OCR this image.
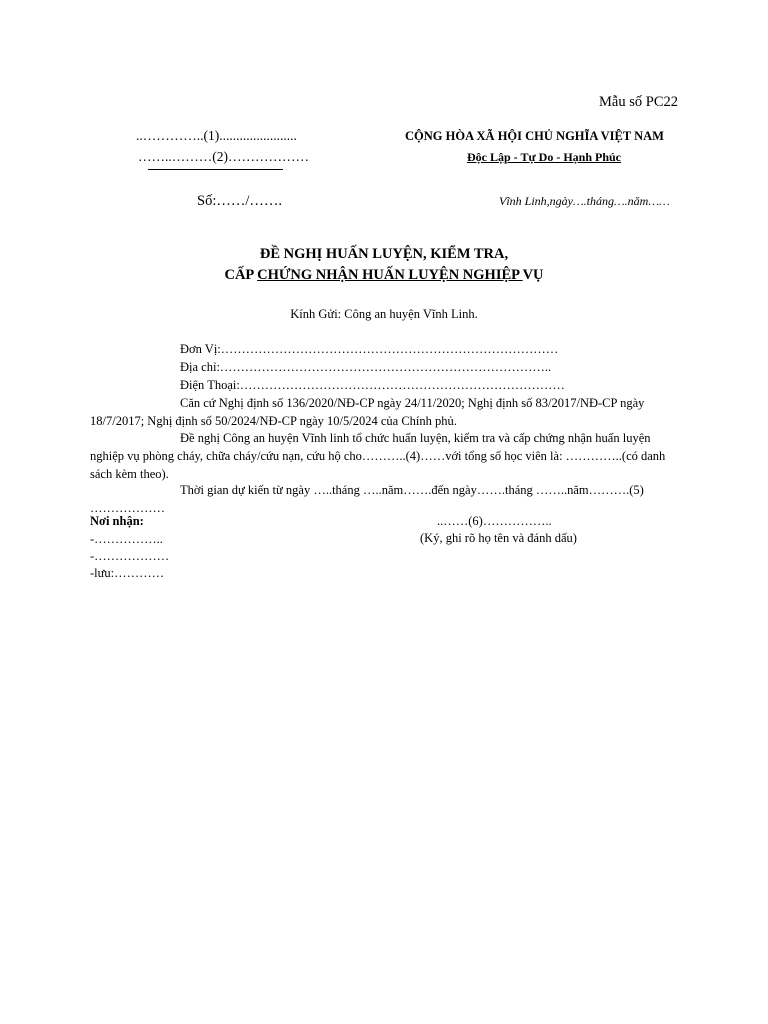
Mẫu số PC22
..…………..(1).......................
……..………(2)………………
CỘNG HÒA XÃ HỘI CHỦ NGHĨA VIỆT NAM
Độc Lập - Tự Do - Hạnh Phúc
Số:……/…….	Vĩnh Linh,ngày….tháng….năm……
ĐỀ NGHỊ HUẤN LUYỆN, KIỂM TRA,
CẤP CHỨNG NHẬN HUẤN LUYỆN NGHIỆP VỤ
Kính Gửi: Công an huyện Vĩnh Linh.
Đơn Vị:………………………………………………………………………
Địa chỉ:……………………………………………………………………..
Điện Thoại:……………………………………………………………………
Căn cứ Nghị định số 136/2020/NĐ-CP ngày 24/11/2020; Nghị định số 83/2017/NĐ-CP ngày 18/7/2017; Nghị định số 50/2024/NĐ-CP ngày 10/5/2024 của Chính phủ.
Đề nghị Công an huyện Vĩnh linh tổ chức huấn luyện, kiểm tra và cấp chứng nhận huấn luyện nghiệp vụ phòng cháy, chữa cháy/cứu nạn, cứu hộ cho………..(4)……với tổng số học viên là: …………..(có danh sách kèm theo).
Thời gian dự kiến từ ngày …..tháng …..năm…….đến ngày…….tháng ……..năm……….(5) ………………
Nơi nhận:
-……………..
-………………
-lưu:…………
..……(6)……………..
(Ký, ghi rõ họ tên và đánh dấu)
